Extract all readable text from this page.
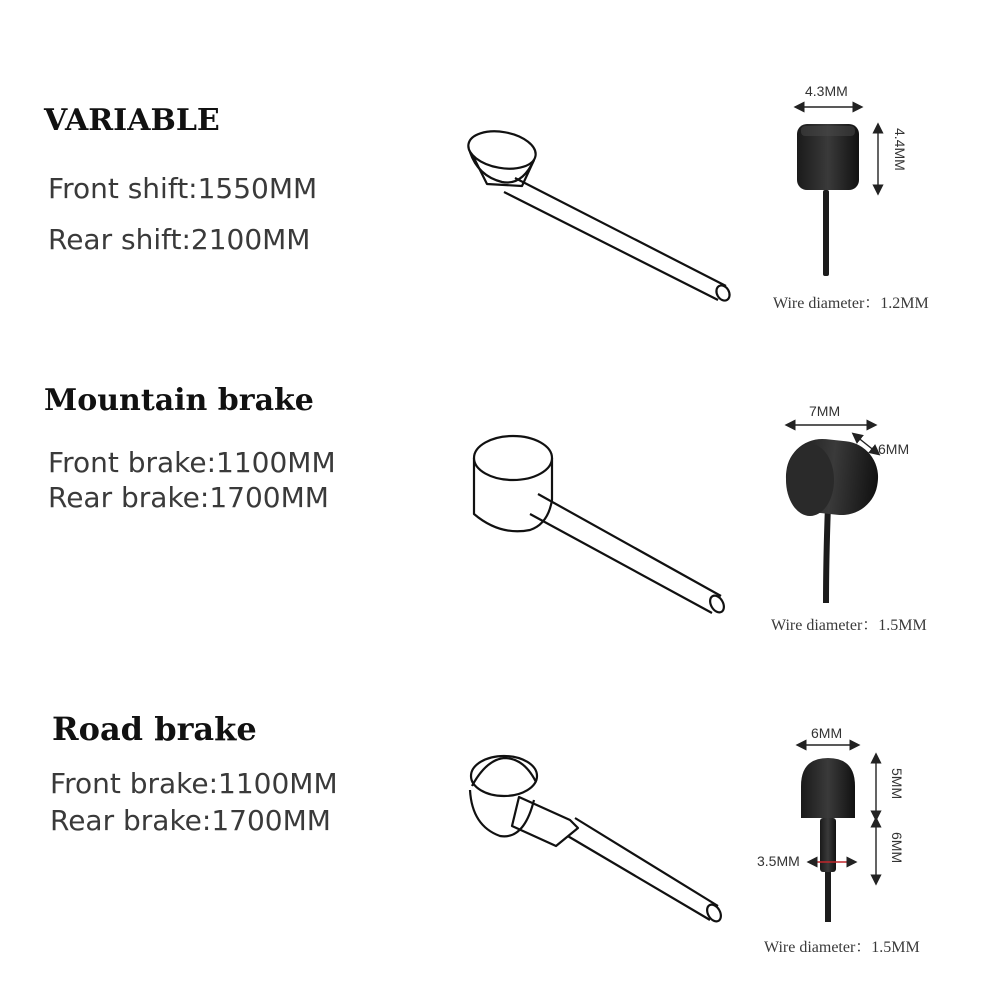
VARIABLE

Front shift:1550MM

Rear shift:2100MM

4.3MM
4.4MM
Wire diameter：1.2MM
Mountain brake

Front brake:1100MM

Rear brake:1700MM

7MM
6MM
Wire diameter：1.5MM
Road brake

Front brake:1100MM

Rear brake:1700MM

6MM
5MM
6MM
3.5MM
Wire diameter：1.5MM
